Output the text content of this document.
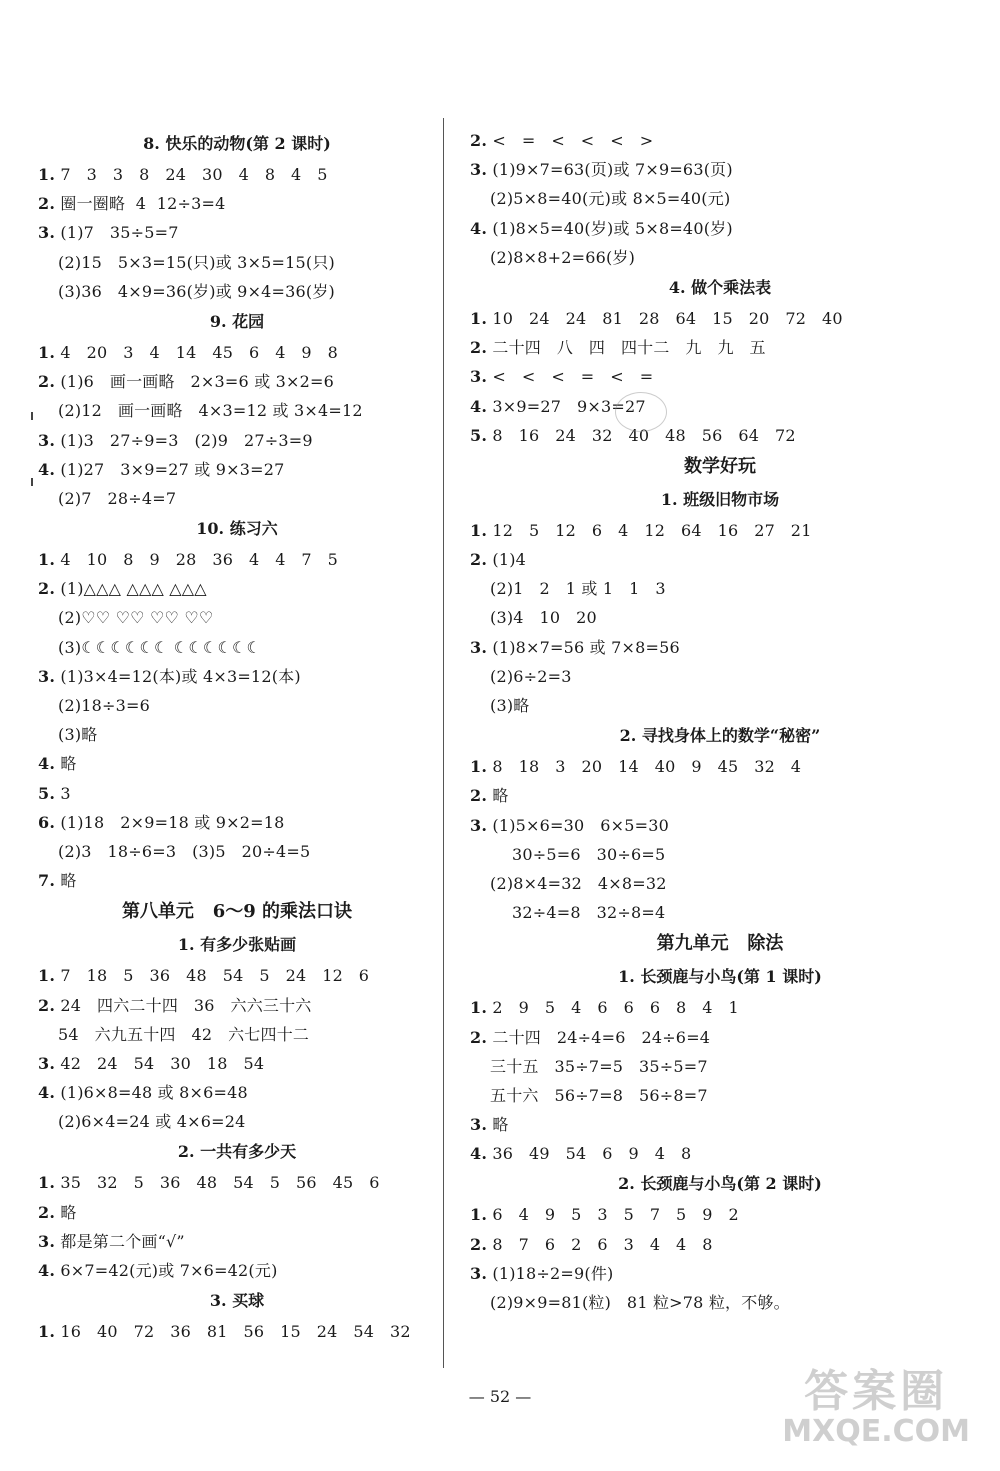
8. 快乐的动物(第 2 课时)
1. 7   3   3   8   24   30   4   8   4   5
2. 圈一圈略  4  12÷3=4
3. (1)7   35÷5=7
(2)15   5×3=15(只)或 3×5=15(只)
(3)36   4×9=36(岁)或 9×4=36(岁)
9. 花园
1. 4   20   3   4   14   45   6   4   9   8
2. (1)6   画一画略   2×3=6 或 3×2=6
(2)12   画一画略   4×3=12 或 3×4=12
3. (1)3   27÷9=3   (2)9   27÷3=9
4. (1)27   3×9=27 或 9×3=27
(2)7   28÷4=7
10. 练习六
1. 4   10   8   9   28   36   4   4   7   5
2. (1)△△△ △△△ △△△
(2)♡♡ ♡♡ ♡♡ ♡♡
(3)☾☾☾☾☾☾ ☾☾☾☾☾☾
3. (1)3×4=12(本)或 4×3=12(本)
(2)18÷3=6
(3)略
4. 略
5. 3
6. (1)18   2×9=18 或 9×2=18
(2)3   18÷6=3   (3)5   20÷4=5
7. 略
第八单元   6～9 的乘法口诀
1. 有多少张贴画
1. 7   18   5   36   48   54   5   24   12   6
2. 24   四六二十四   36   六六三十六
54   六九五十四   42   六七四十二
3. 42   24   54   30   18   54
4. (1)6×8=48 或 8×6=48
(2)6×4=24 或 4×6=24
2. 一共有多少天
1. 35   32   5   36   48   54   5   56   45   6
2. 略
3. 都是第二个画“√”
4. 6×7=42(元)或 7×6=42(元)
3. 买球
1. 16   40   72   36   81   56   15   24   54   32
2. <   =   <   <   <   >
3. (1)9×7=63(页)或 7×9=63(页)
(2)5×8=40(元)或 8×5=40(元)
4. (1)8×5=40(岁)或 5×8=40(岁)
(2)8×8+2=66(岁)
4. 做个乘法表
1. 10   24   24   81   28   64   15   20   72   40
2. 二十四   八   四   四十二   九   九   五
3. <   <   <   =   <   =
4. 3×9=27   9×3=27
5. 8   16   24   32   40   48   56   64   72
数学好玩
1. 班级旧物市场
1. 12   5   12   6   4   12   64   16   27   21
2. (1)4
(2)1   2   1 或 1   1   3
(3)4   10   20
3. (1)8×7=56 或 7×8=56
(2)6÷2=3
(3)略
2. 寻找身体上的数学“秘密”
1. 8   18   3   20   14   40   9   45   32   4
2. 略
3. (1)5×6=30   6×5=30
30÷5=6   30÷6=5
(2)8×4=32   4×8=32
32÷4=8   32÷8=4
第九单元   除法
1. 长颈鹿与小鸟(第 1 课时)
1. 2   9   5   4   6   6   6   8   4   1
2. 二十四   24÷4=6   24÷6=4
三十五   35÷7=5   35÷5=7
五十六   56÷7=8   56÷8=7
3. 略
4. 36   49   54   6   9   4   8
2. 长颈鹿与小鸟(第 2 课时)
1. 6   4   9   5   3   5   7   5   9   2
2. 8   7   6   2   6   3   4   4   8
3. (1)18÷2=9(件)
(2)9×9=81(粒)   81 粒>78 粒，不够。
— 52 —	答案圈
MXQE.COM
